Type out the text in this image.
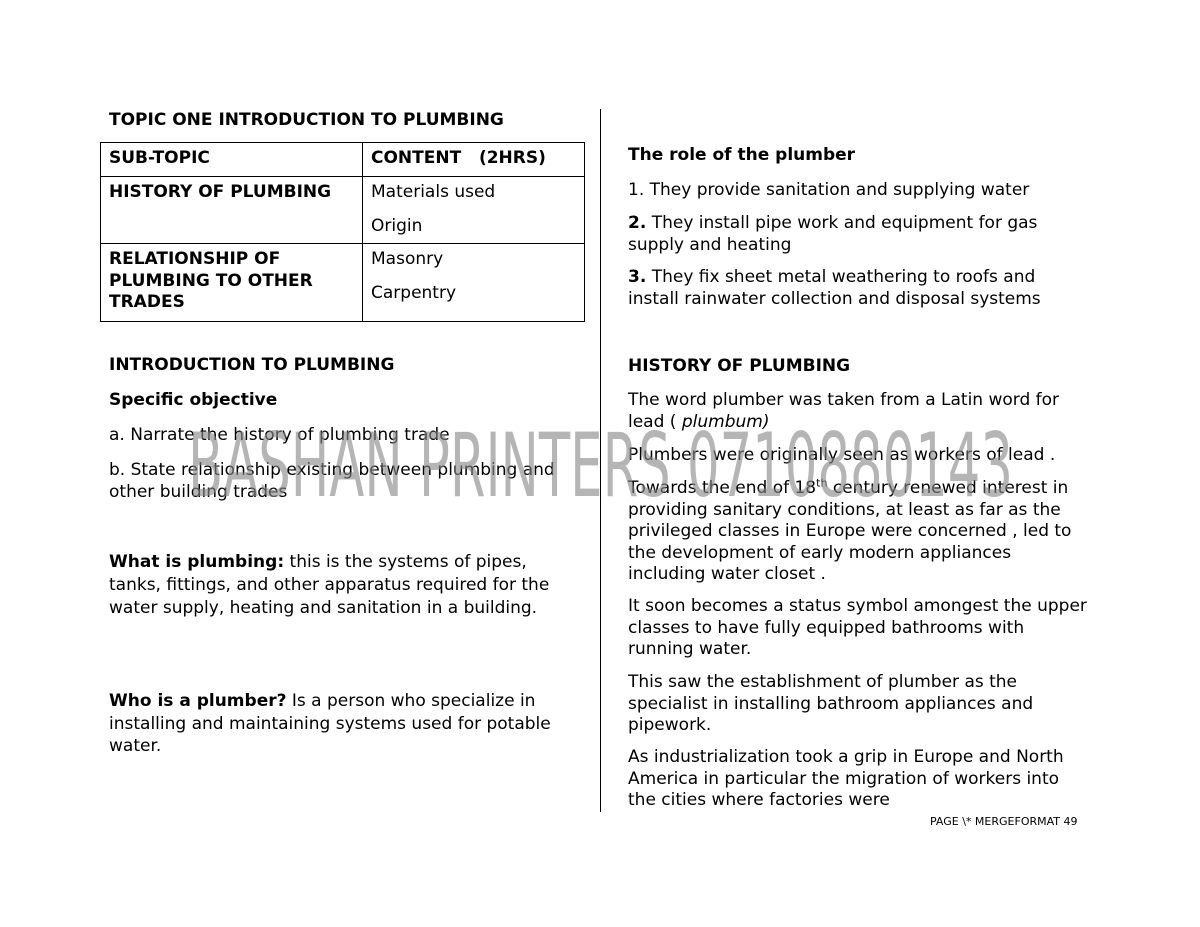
TOPIC ONE INTRODUCTION TO PLUMBING
SUB-TOPIC	CONTENT   (2HRS)
HISTORY OF PLUMBING	Materials used
Origin

RELATIONSHIP OF PLUMBING TO OTHER TRADES	Masonry
Carpentry
INTRODUCTION TO PLUMBING
Specific objective
a. Narrate the history of plumbing trade
b. State relationship existing between plumbing and other building trades
What is plumbing: this is the systems of pipes, tanks, fittings, and other apparatus required for the water supply, heating and sanitation in a building.
Who is a plumber? Is a person who specialize in installing and maintaining systems used for potable water.
The role of the plumber
1. They provide sanitation and supplying water
2. They install pipe work and equipment for gas supply and heating
3. They fix sheet metal weathering to roofs and install rainwater collection and disposal systems
HISTORY OF PLUMBING
The word plumber was taken from a Latin word for lead ( plumbum)
Plumbers were originally seen as workers of lead .
Towards the end of 18th century renewed interest in providing sanitary conditions, at least as far as the privileged classes in Europe were concerned , led to the development of early modern appliances including water closet .
It soon becomes a status symbol amongest the upper classes to have fully equipped bathrooms with running water.
This saw the establishment of plumber as the specialist in installing bathroom appliances and pipework.
As industrialization took a grip in Europe and North America in particular the migration of workers into the cities where factories were
PAGE \* MERGEFORMAT 49
BASHAN PRINTERS 0710880143
